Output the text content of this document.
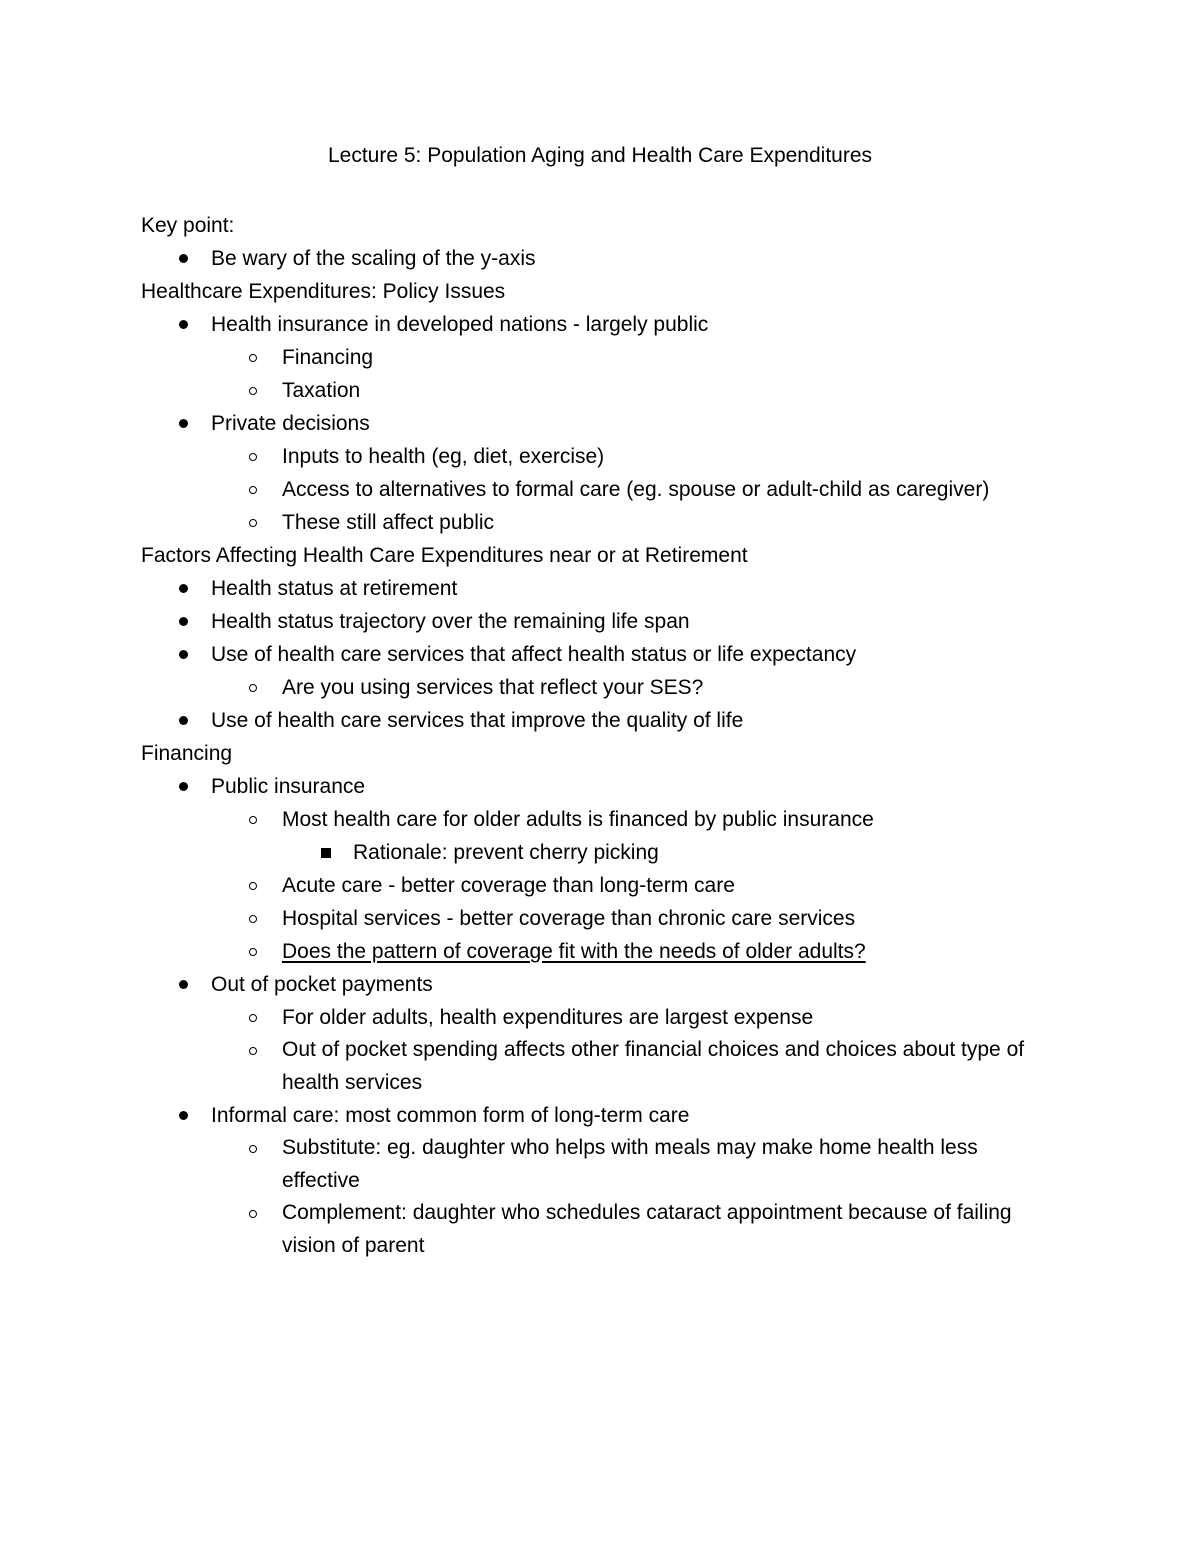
Lecture 5: Population Aging and Health Care Expenditures
Key point:
Be wary of the scaling of the y-axis
Healthcare Expenditures: Policy Issues
Health insurance in developed nations - largely public
Financing
Taxation
Private decisions
Inputs to health (eg, diet, exercise)
Access to alternatives to formal care (eg. spouse or adult-child as caregiver)
These still affect public
Factors Affecting Health Care Expenditures near or at Retirement
Health status at retirement
Health status trajectory over the remaining life span
Use of health care services that affect health status or life expectancy
Are you using services that reflect your SES?
Use of health care services that improve the quality of life
Financing
Public insurance
Most health care for older adults is financed by public insurance
Rationale: prevent cherry picking
Acute care - better coverage than long-term care
Hospital services - better coverage than chronic care services
Does the pattern of coverage fit with the needs of older adults?
Out of pocket payments
For older adults, health expenditures are largest expense
Out of pocket spending affects other financial choices and choices about type of health services
Informal care: most common form of long-term care
Substitute: eg. daughter who helps with meals may make home health less effective
Complement: daughter who schedules cataract appointment because of failing vision of parent
